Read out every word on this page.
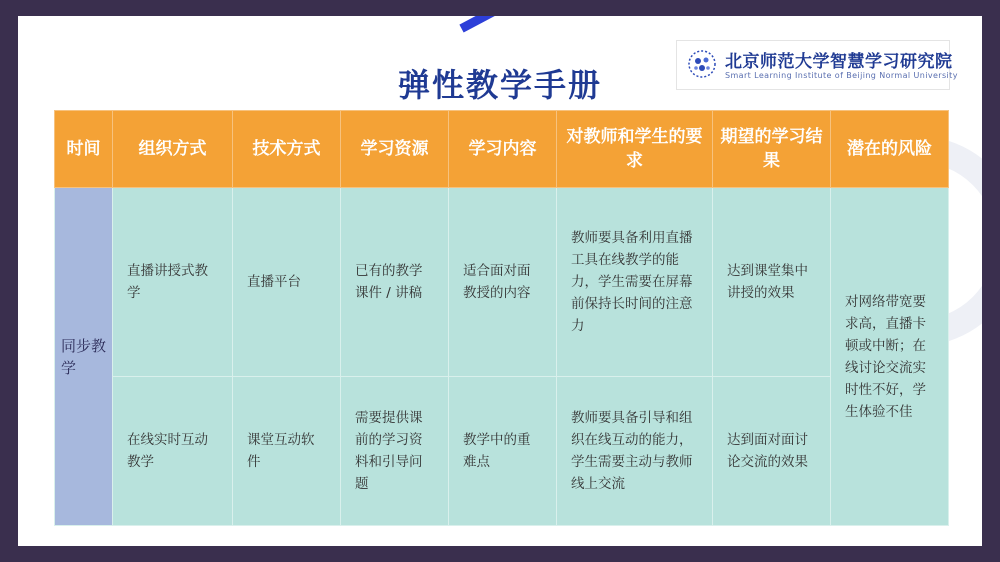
弹性教学手册
北京师范大学智慧学习研究院
Smart Learning Institute of Beijing Normal University
时间	组织方式	技术方式	学习资源	学习内容	对教师和学生的要求	期望的学习结果	潜在的风险
同步教学	直播讲授式教学	直播平台	已有的教学课件 / 讲稿	适合面对面教授的内容	教师要具备利用直播工具在线教学的能力，学生需要在屏幕前保持长时间的注意力	达到课堂集中讲授的效果	对网络带宽要求高，直播卡顿或中断；在线讨论交流实时性不好，学生体验不佳
	在线实时互动教学	课堂互动软件	需要提供课前的学习资料和引导问题	教学中的重难点	教师要具备引导和组织在线互动的能力，学生需要主动与教师线上交流	达到面对面讨论交流的效果	
